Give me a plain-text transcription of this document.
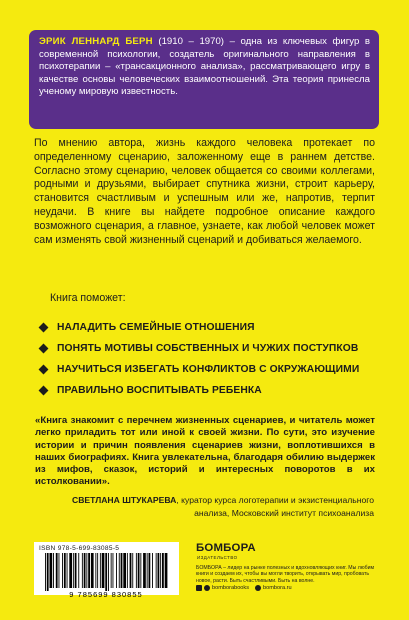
ЭРИК ЛЕННАРД БЕРН (1910 – 1970) – одна из ключевых фигур в современной психологии, создатель оригинального направления в психотерапии – «трансакционного анализа», рассматривающего игру в качестве основы человеческих взаимоотношений. Эта теория принесла ученому мировую известность.

По мнению автора, жизнь каждого человека протекает по определенному сценарию, заложенному еще в раннем детстве. Согласно этому сценарию, человек общается со своими коллегами, родными и друзьями, выбирает спутника жизни, строит карьеру, становится счастливым и успешным или же, напротив, терпит неудачи. В книге вы найдете подробное описание каждого возможного сценария, а главное, узнаете, как любой человек может сам изменять свой жизненный сценарий и добиваться желаемого.

Книга поможет:
НАЛАДИТЬ СЕМЕЙНЫЕ ОТНОШЕНИЯ
ПОНЯТЬ МОТИВЫ СОБСТВЕННЫХ И ЧУЖИХ ПОСТУПКОВ
НАУЧИТЬСЯ ИЗБЕГАТЬ КОНФЛИКТОВ С ОКРУЖАЮЩИМИ
ПРАВИЛЬНО ВОСПИТЫВАТЬ РЕБЕНКА

«Книга знакомит с перечнем жизненных сценариев, и читатель может легко приладить тот или иной к своей жизни. По сути, это изучение истории и причин появления сценариев жизни, воплотившихся в наших биографиях. Книга увлекательна, благодаря обилию выдержек из мифов, сказок, историй и интересных поворотов в их истолковании».

СВЕТЛАНА ШТУКАРЕВА, куратор курса логотерапии и экзистенциального анализа, Московский институт психоанализа

ISBN 978-5-699-83085-5
9 785699 830855
БОМБОРА
ИЗДАТЕЛЬСТВО

БОМБОРА – лидер на рынке полезных и вдохновляющих книг. Мы любим книги и создаем их, чтобы вы могли творить, открывать мир, пробовать новое, расти. Быть счастливыми. Быть на волне.

bomborabooks	bombora.ru
